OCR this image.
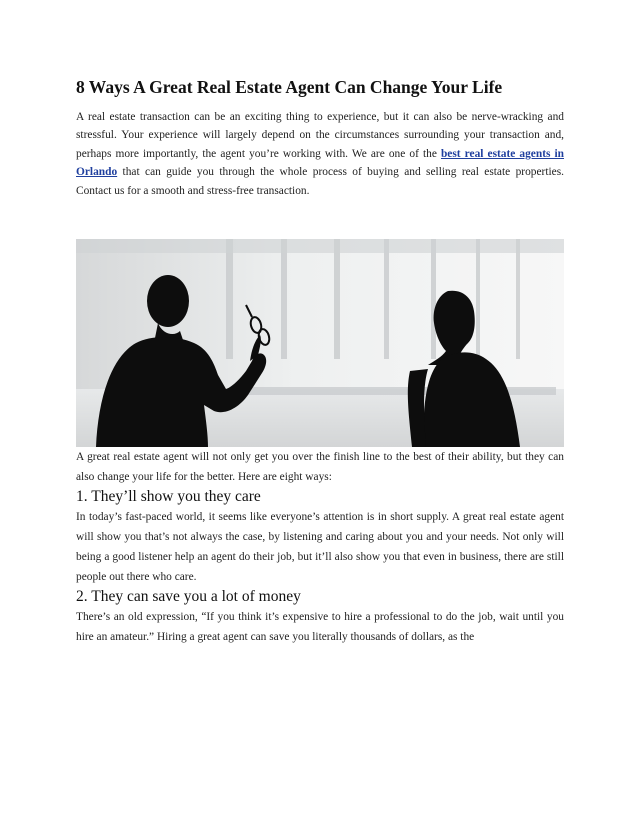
8 Ways A Great Real Estate Agent Can Change Your Life

A real estate transaction can be an exciting thing to experience, but it can also be nerve-wracking and stressful. Your experience will largely depend on the circumstances surrounding your transaction and, perhaps more importantly, the agent you’re working with. We are one of the best real estate agents in Orlando that can guide you through the whole process of buying and selling real estate properties. Contact us for a smooth and stress-free transaction.

A great real estate agent will not only get you over the finish line to the best of their ability, but they can also change your life for the better. Here are eight ways:

1. They’ll show you they care

In today’s fast-paced world, it seems like everyone’s attention is in short supply. A great real estate agent will show you that’s not always the case, by listening and caring about you and your needs. Not only will being a good listener help an agent do their job, but it’ll also show you that even in business, there are still people out there who care.

2. They can save you a lot of money

There’s an old expression, “If you think it’s expensive to hire a professional to do the job, wait until you hire an amateur.” Hiring a great agent can save you literally thousands of dollars, as the
